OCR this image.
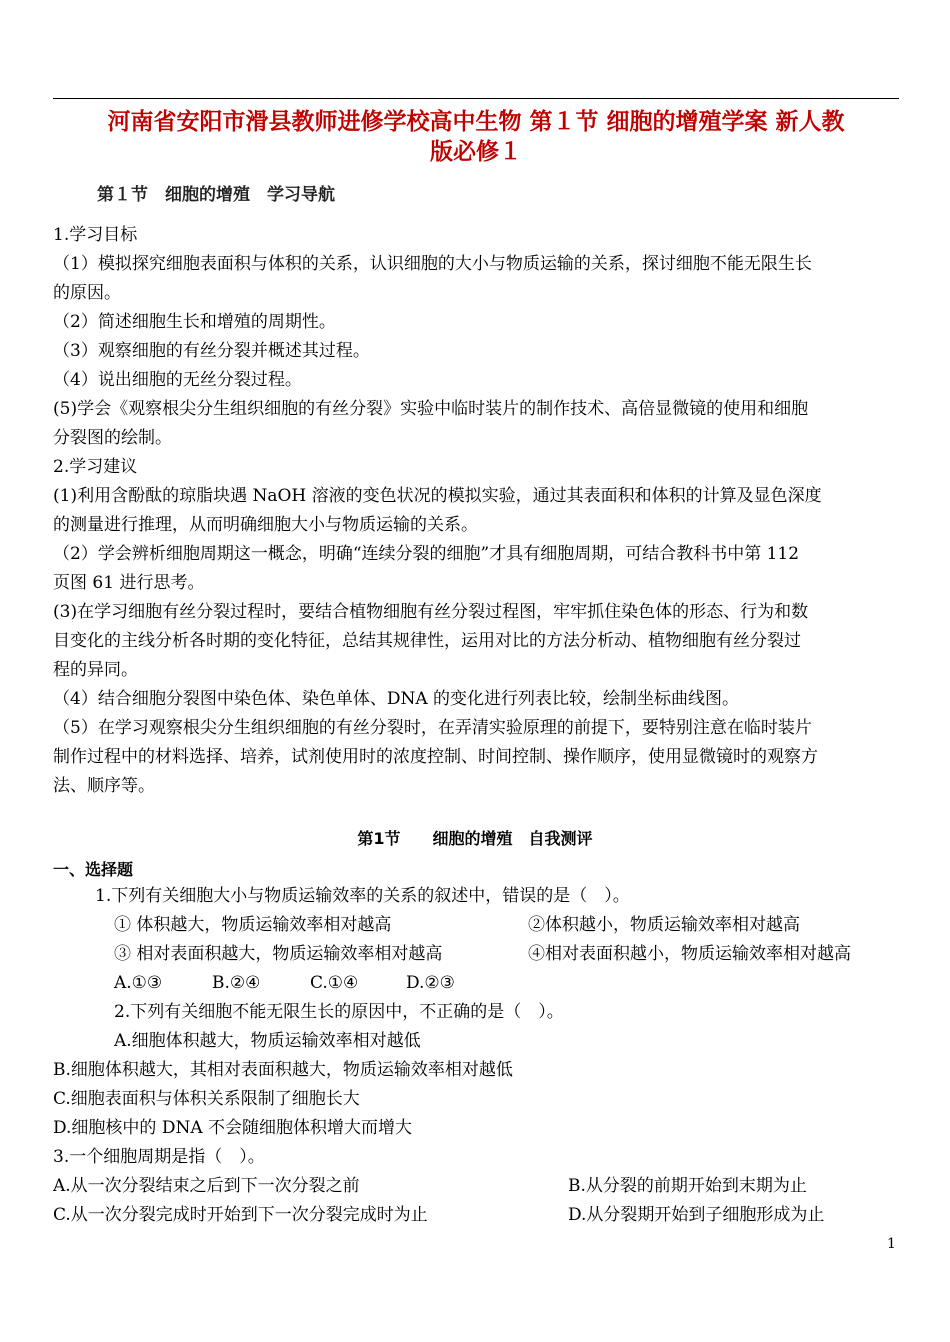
河南省安阳市滑县教师进修学校高中生物 第１节 细胞的增殖学案 新人教
版必修１
第１节　细胞的增殖　学习导航
1.学习目标
（1）模拟探究细胞表面积与体积的关系，认识细胞的大小与物质运输的关系，探讨细胞不能无限生长
的原因。
（2）简述细胞生长和增殖的周期性。
（3）观察细胞的有丝分裂并概述其过程。
（4）说出细胞的无丝分裂过程。
(5)学会《观察根尖分生组织细胞的有丝分裂》实验中临时装片的制作技术、高倍显微镜的使用和细胞
分裂图的绘制。
2.学习建议
(1)利用含酚酞的琼脂块遇 NaOH 溶液的变色状况的模拟实验，通过其表面积和体积的计算及显色深度
的测量进行推理，从而明确细胞大小与物质运输的关系。
（2）学会辨析细胞周期这一概念，明确“连续分裂的细胞”才具有细胞周期，可结合教科书中第 112
页图 61 进行思考。
(3)在学习细胞有丝分裂过程时，要结合植物细胞有丝分裂过程图，牢牢抓住染色体的形态、行为和数
目变化的主线分析各时期的变化特征，总结其规律性，运用对比的方法分析动、植物细胞有丝分裂过
程的异同。
（4）结合细胞分裂图中染色体、染色单体、DNA 的变化进行列表比较，绘制坐标曲线图。
（5）在学习观察根尖分生组织细胞的有丝分裂时，在弄清实验原理的前提下，要特别注意在临时装片
制作过程中的材料选择、培养，试剂使用时的浓度控制、时间控制、操作顺序，使用显微镜时的观察方
法、顺序等。
第1节　　细胞的增殖　自我测评
一、选择题
1.下列有关细胞大小与物质运输效率的关系的叙述中，错误的是（　）。
① 体积越大，物质运输效率相对越高	②体积越小，物质运输效率相对越高
③ 相对表面积越大，物质运输效率相对越高	④相对表面积越小，物质运输效率相对越高
A.①③	B.②④	C.①④	D.②③
2.下列有关细胞不能无限生长的原因中，不正确的是（　）。
A.细胞体积越大，物质运输效率相对越低
B.细胞体积越大，其相对表面积越大，物质运输效率相对越低
C.细胞表面积与体积关系限制了细胞长大
D.细胞核中的 DNA 不会随细胞体积增大而增大
3.一个细胞周期是指（　）。
A.从一次分裂结束之后到下一次分裂之前	B.从分裂的前期开始到末期为止
C.从一次分裂完成时开始到下一次分裂完成时为止	D.从分裂期开始到子细胞形成为止
1
